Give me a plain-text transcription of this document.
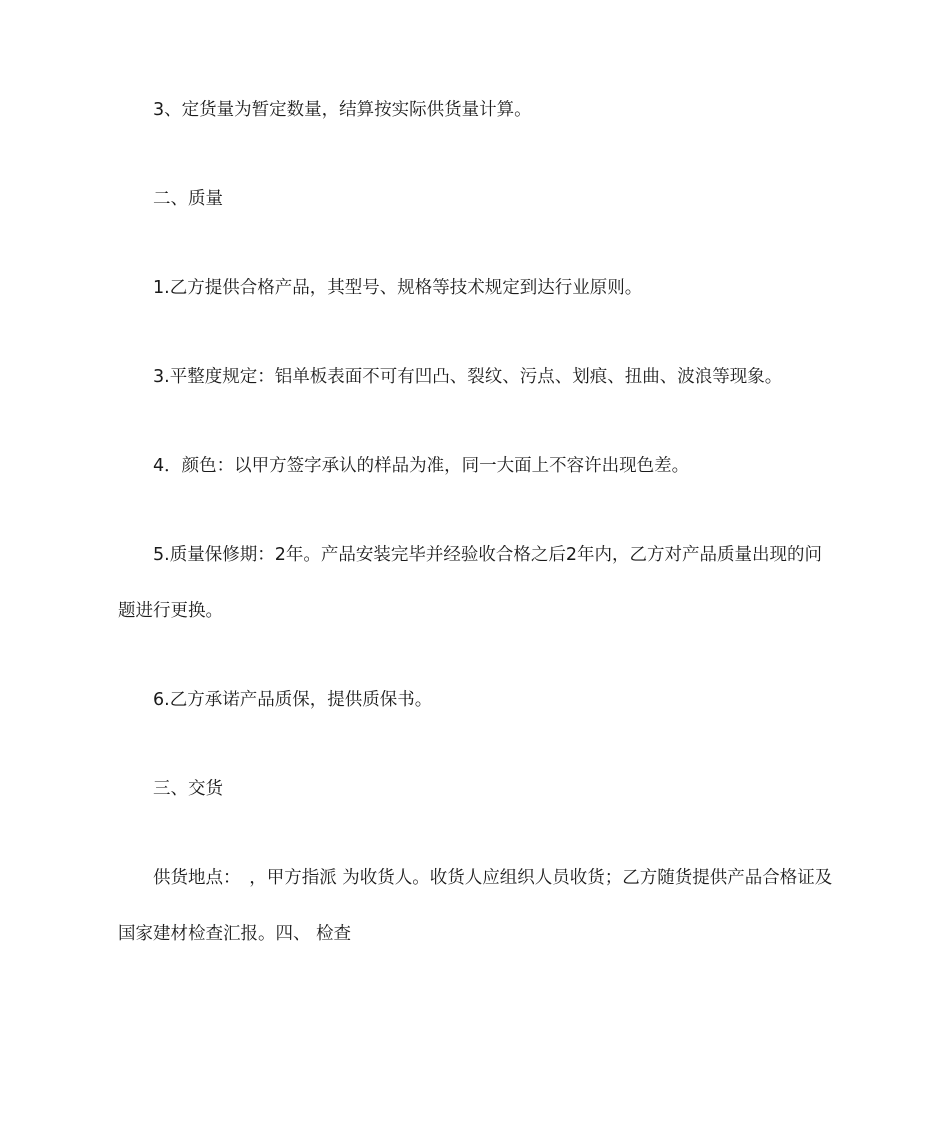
3、定货量为暂定数量，结算按实际供货量计算。

二、质量

1.乙方提供合格产品，其型号、规格等技术规定到达行业原则。

3.平整度规定：铝单板表面不可有凹凸、裂纹、污点、划痕、扭曲、波浪等现象。

4．颜色：以甲方签字承认的样品为准，同一大面上不容许出现色差。

5.质量保修期：2年。产品安装完毕并经验收合格之后2年内，乙方对产品质量出现的问题进行更换。

6.乙方承诺产品质保，提供质保书。

三、交货

供货地点：　，甲方指派 为收货人。收货人应组织人员收货；乙方随货提供产品合格证及国家建材检查汇报。四、 检查
